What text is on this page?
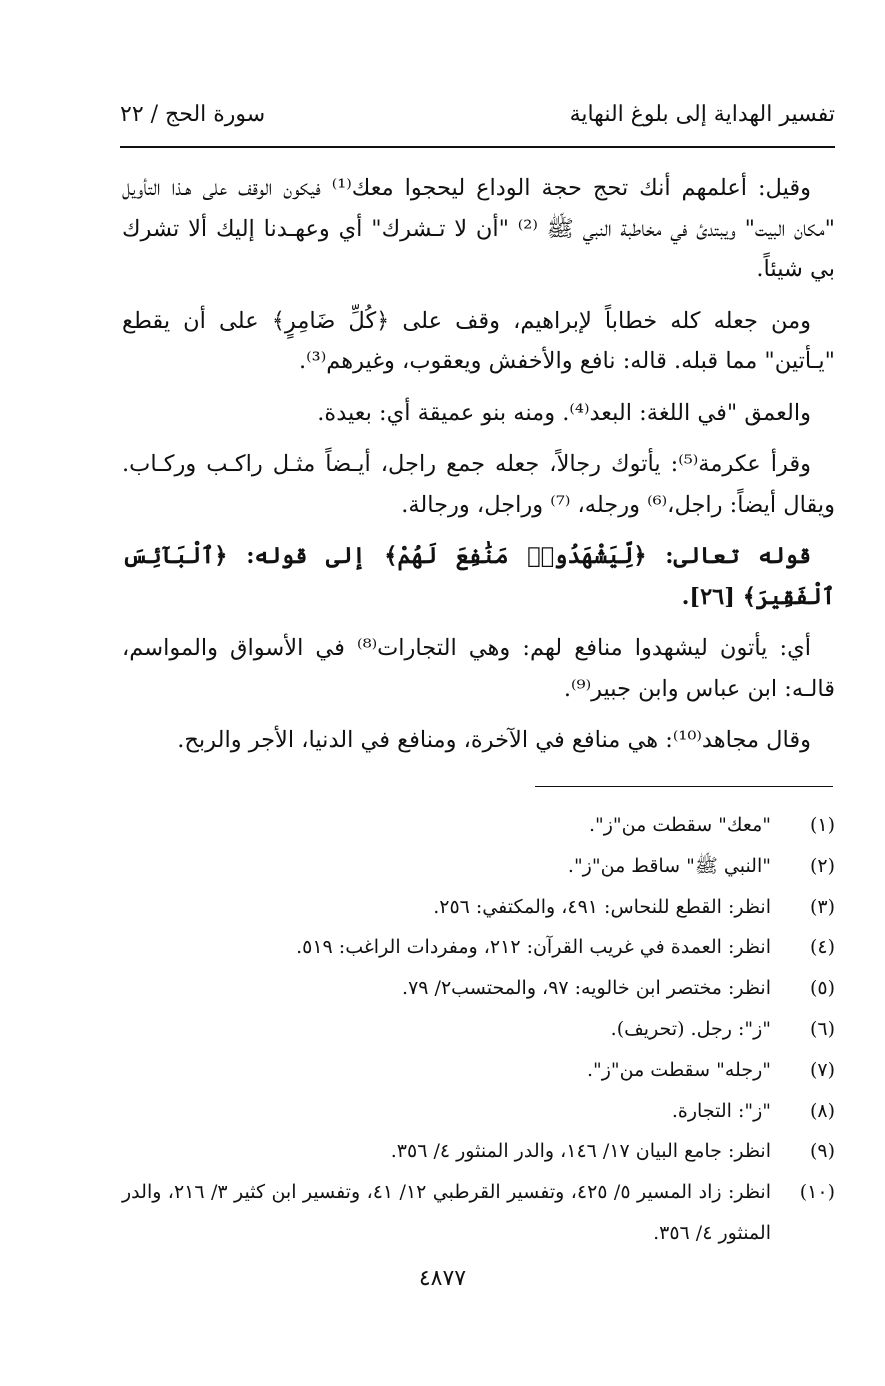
تفسير الهداية إلى بلوغ النهاية
سورة الحج / ٢٢

وقيل: أعلمهم أنك تحج حجة الوداع ليحجوا معك⁽¹⁾ فيكون الوقف على هـذا التأويل "مكان البيت" ويبتدئ في مخاطبة النبي ﷺ ⁽²⁾ "أن لا تـشرك" أي وعهـدنا إليك ألا تشرك بي شيئاً.

ومن جعله كله خطاباً لإبراهيم، وقف على ﴿كُلِّ ضَامِرٍ﴾ على أن يقطع "يـأتين" مما قبله. قاله: نافع والأخفش ويعقوب، وغيرهم⁽³⁾.

والعمق "في اللغة: البعد⁽⁴⁾. ومنه بنو عميقة أي: بعيدة.

وقرأ عكرمة⁽⁵⁾: يأتوك رجالاً، جعله جمع راجل، أيـضاً مثـل راكـب وركـاب. ويقال أيضاً: راجل،⁽⁶⁾ ورجله، ⁽⁷⁾ وراجل، ورجالة.

قوله تعالى: ﴿لِّيَشْهَدُوا۟ مَنَٰفِعَ لَهُمْ﴾ إلى قوله: ﴿ٱلْبَآئِسَ ٱلْفَقِيرَ﴾ [٢٦].

أي: يأتون ليشهدوا منافع لهم: وهي التجارات⁽⁸⁾ في الأسواق والمواسم، قالـه: ابن عباس وابن جبير⁽⁹⁾.

وقال مجاهد⁽¹⁰⁾: هي منافع في الآخرة، ومنافع في الدنيا، الأجر والربح.

(١)
"معك" سقطت من"ز".
(٢)
"النبي ﷺ" ساقط من"ز".
(٣)
انظر: القطع للنحاس: ٤٩١، والمكتفي: ٢٥٦.
(٤)
انظر: العمدة في غريب القرآن: ٢١٢، ومفردات الراغب: ٥١٩.
(٥)
انظر: مختصر ابن خالويه: ٩٧، والمحتسب٢/ ٧٩.
(٦)
"ز": رجل. (تحريف).
(٧)
"رجله" سقطت من"ز".
(٨)
"ز": التجارة.
(٩)
انظر: جامع البيان ١٧/ ١٤٦، والدر المنثور ٤/ ٣٥٦.
(١٠)
انظر: زاد المسير ٥/ ٤٢٥، وتفسير القرطبي ١٢/ ٤١، وتفسير ابن كثير ٣/ ٢١٦، والدر المنثور ٤/ ٣٥٦.
٤٨٧٧
